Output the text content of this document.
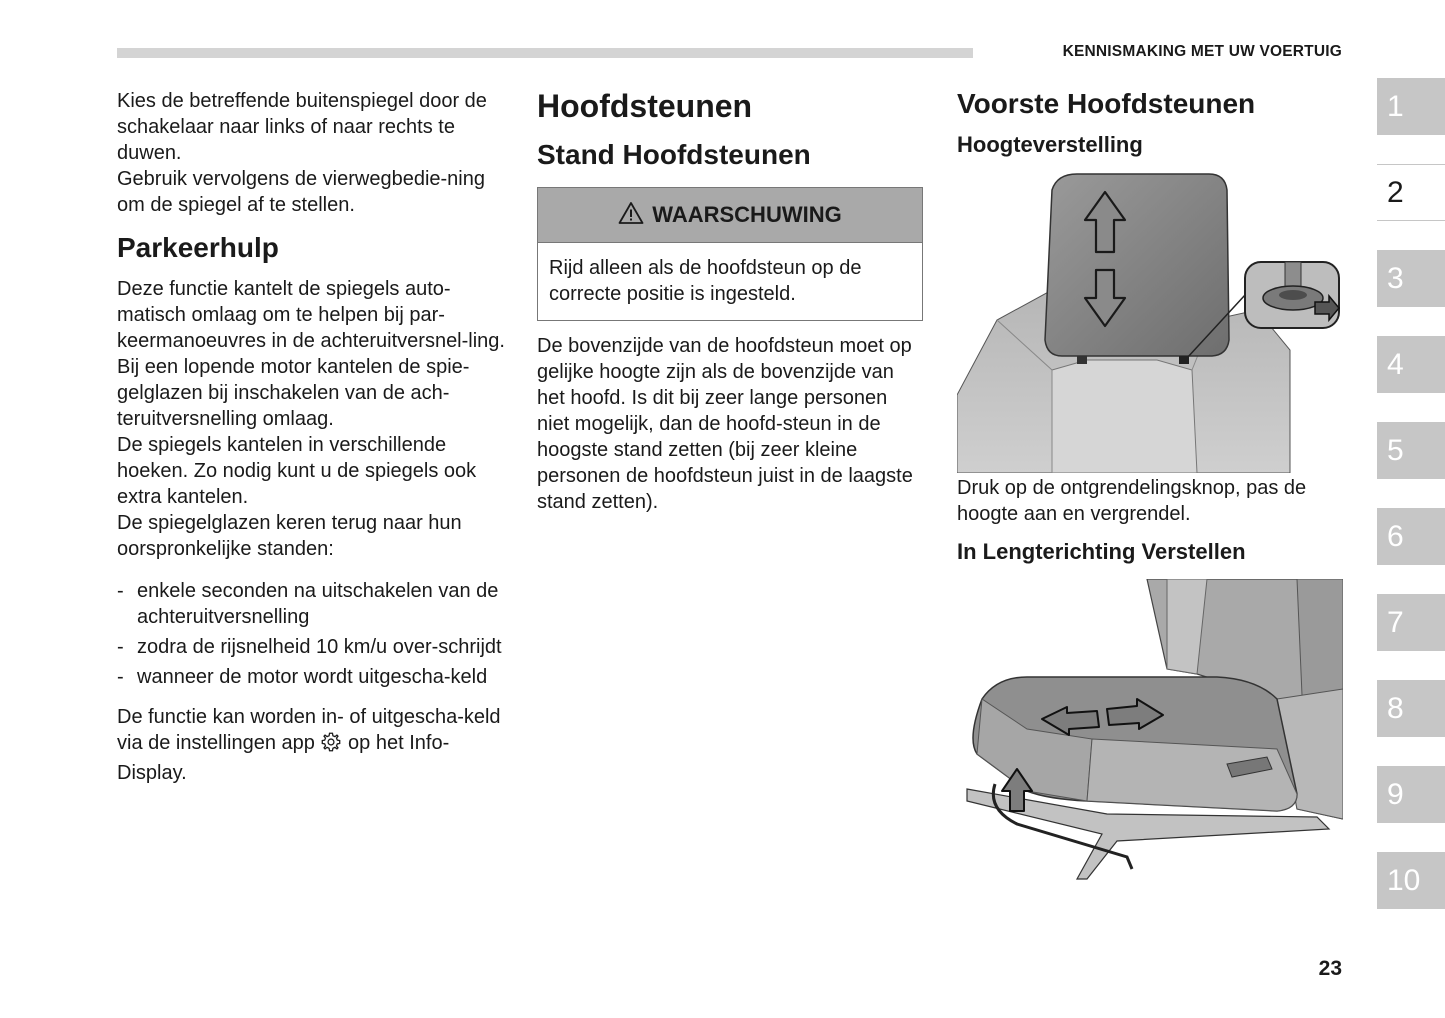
KENNISMAKING MET UW VOERTUIG

Kies de betreffende buitenspiegel door de schakelaar naar links of naar rechts te duwen.

Gebruik vervolgens de vierwegbedie-ning om de spiegel af te stellen.

Parkeerhulp

Deze functie kantelt de spiegels auto-matisch omlaag om te helpen bij par-keermanoeuvres in de achteruitversnel-ling.

Bij een lopende motor kantelen de spie-gelglazen bij inschakelen van de ach-teruitversnelling omlaag.

De spiegels kantelen in verschillende hoeken. Zo nodig kunt u de spiegels ook extra kantelen.

De spiegelglazen keren terug naar hun oorspronkelijke standen:

- enkele seconden na uitschakelen van de achteruitversnelling
- zodra de rijsnelheid 10 km/u over-schrijdt
- wanneer de motor wordt uitgescha-keld

De functie kan worden in- of uitgescha-keld via de instellingen app op het Info-Display.

Hoofdsteunen
Stand Hoofdsteunen
WAARSCHUWING

Rijd alleen als de hoofdsteun op de correcte positie is ingesteld.

De bovenzijde van de hoofdsteun moet op gelijke hoogte zijn als de bovenzijde van het hoofd. Is dit bij zeer lange personen niet mogelijk, dan de hoofd-steun in de hoogste stand zetten (bij zeer kleine personen de hoofdsteun juist in de laagste stand zetten).

Voorste Hoofdsteunen
Hoogteverstelling

Druk op de ontgrendelingsknop, pas de hoogte aan en vergrendel.

In Lengterichting Verstellen
1
2
3
4
5
6
7
8
9
10
23
